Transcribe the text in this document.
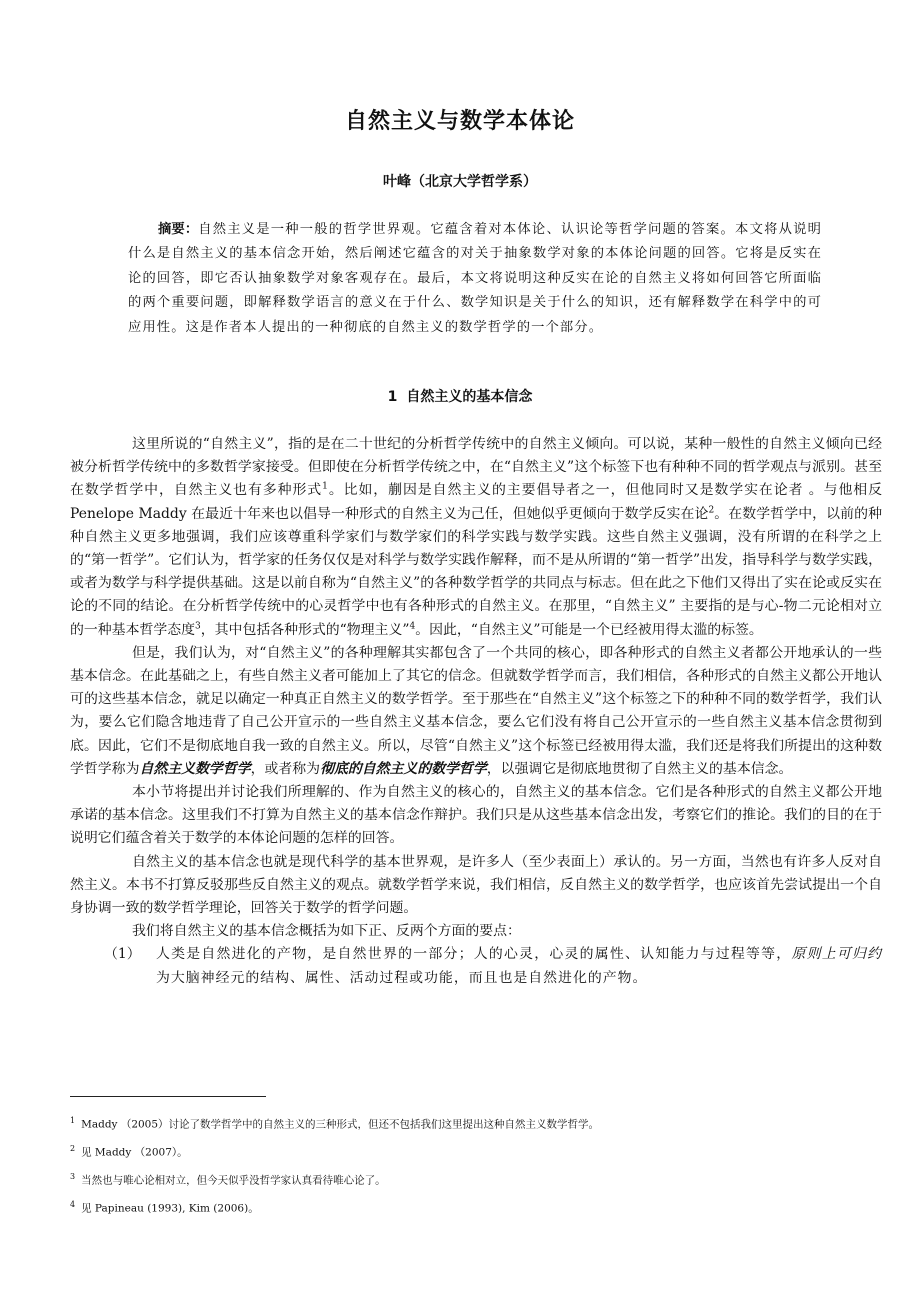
自然主义与数学本体论
叶峰（北京大学哲学系）
摘要：自然主义是一种一般的哲学世界观。它蕴含着对本体论、认识论等哲学问题的答案。本文将从说明什么是自然主义的基本信念开始，然后阐述它蕴含的对关于抽象数学对象的本体论问题的回答。它将是反实在论的回答，即它否认抽象数学对象客观存在。最后，本文将说明这种反实在论的自然主义将如何回答它所面临的两个重要问题，即解释数学语言的意义在于什么、数学知识是关于什么的知识，还有解释数学在科学中的可应用性。这是作者本人提出的一种彻底的自然主义的数学哲学的一个部分。
1 自然主义的基本信念

这里所说的“自然主义”，指的是在二十世纪的分析哲学传统中的自然主义倾向。可以说，某种一般性的自然主义倾向已经被分析哲学传统中的多数哲学家接受。但即使在分析哲学传统之中，在“自然主义”这个标签下也有种种不同的哲学观点与派别。甚至在数学哲学中，自然主义也有多种形式$^1$。比如，蒯因是自然主义的主要倡导者之一，但他同时又是数学实在论者 。与他相反 Penelope Maddy 在最近十年来也以倡导一种形式的自然主义为己任，但她似乎更倾向于数学反实在论$^2$。在数学哲学中，以前的种种自然主义更多地强调，我们应该尊重科学家们与数学家们的科学实践与数学实践。这些自然主义强调，没有所谓的在科学之上的“第一哲学”。它们认为，哲学家的任务仅仅是对科学与数学实践作解释，而不是从所谓的“第一哲学”出发，指导科学与数学实践，或者为数学与科学提供基础。这是以前自称为“自然主义”的各种数学哲学的共同点与标志。但在此之下他们又得出了实在论或反实在论的不同的结论。在分析哲学传统中的心灵哲学中也有各种形式的自然主义。在那里，“自然主义” 主要指的是与心-物二元论相对立的一种基本哲学态度$^3$，其中包括各种形式的“物理主义”$^4$。因此，“自然主义”可能是一个已经被用得太滥的标签。

但是，我们认为，对“自然主义”的各种理解其实都包含了一个共同的核心，即各种形式的自然主义者都公开地承认的一些基本信念。在此基础之上，有些自然主义者可能加上了其它的信念。但就数学哲学而言，我们相信，各种形式的自然主义都公开地认可的这些基本信念，就足以确定一种真正自然主义的数学哲学。至于那些在“自然主义”这个标签之下的种种不同的数学哲学，我们认为，要么它们隐含地违背了自己公开宣示的一些自然主义基本信念，要么它们没有将自己公开宣示的一些自然主义基本信念贯彻到底。因此，它们不是彻底地自我一致的自然主义。所以，尽管“自然主义”这个标签已经被用得太滥，我们还是将我们所提出的这种数学哲学称为自然主义数学哲学，或者称为彻底的自然主义的数学哲学，以强调它是彻底地贯彻了自然主义的基本信念。

本小节将提出并讨论我们所理解的、作为自然主义的核心的，自然主义的基本信念。它们是各种形式的自然主义都公开地承诺的基本信念。这里我们不打算为自然主义的基本信念作辩护。我们只是从这些基本信念出发，考察它们的推论。我们的目的在于说明它们蕴含着关于数学的本体论问题的怎样的回答。

自然主义的基本信念也就是现代科学的基本世界观，是许多人（至少表面上）承认的。另一方面，当然也有许多人反对自然主义。本书不打算反驳那些反自然主义的观点。就数学哲学来说，我们相信，反自然主义的数学哲学，也应该首先尝试提出一个自身协调一致的数学哲学理论，回答关于数学的哲学问题。

我们将自然主义的基本信念概括为如下正、反两个方面的要点：

（1） 人类是自然进化的产物，是自然世界的一部分；人的心灵，心灵的属性、认知能力与过程等等，原则上可归约为大脑神经元的结构、属性、活动过程或功能，而且也是自然进化的产物。

$^1$ Maddy （2005）讨论了数学哲学中的自然主义的三种形式，但还不包括我们这里提出这种自然主义数学哲学。
$^2$ 见 Maddy （2007）。
$^3$ 当然也与唯心论相对立，但今天似乎没哲学家认真看待唯心论了。
$^4$ 见 Papineau (1993), Kim (2006)。
